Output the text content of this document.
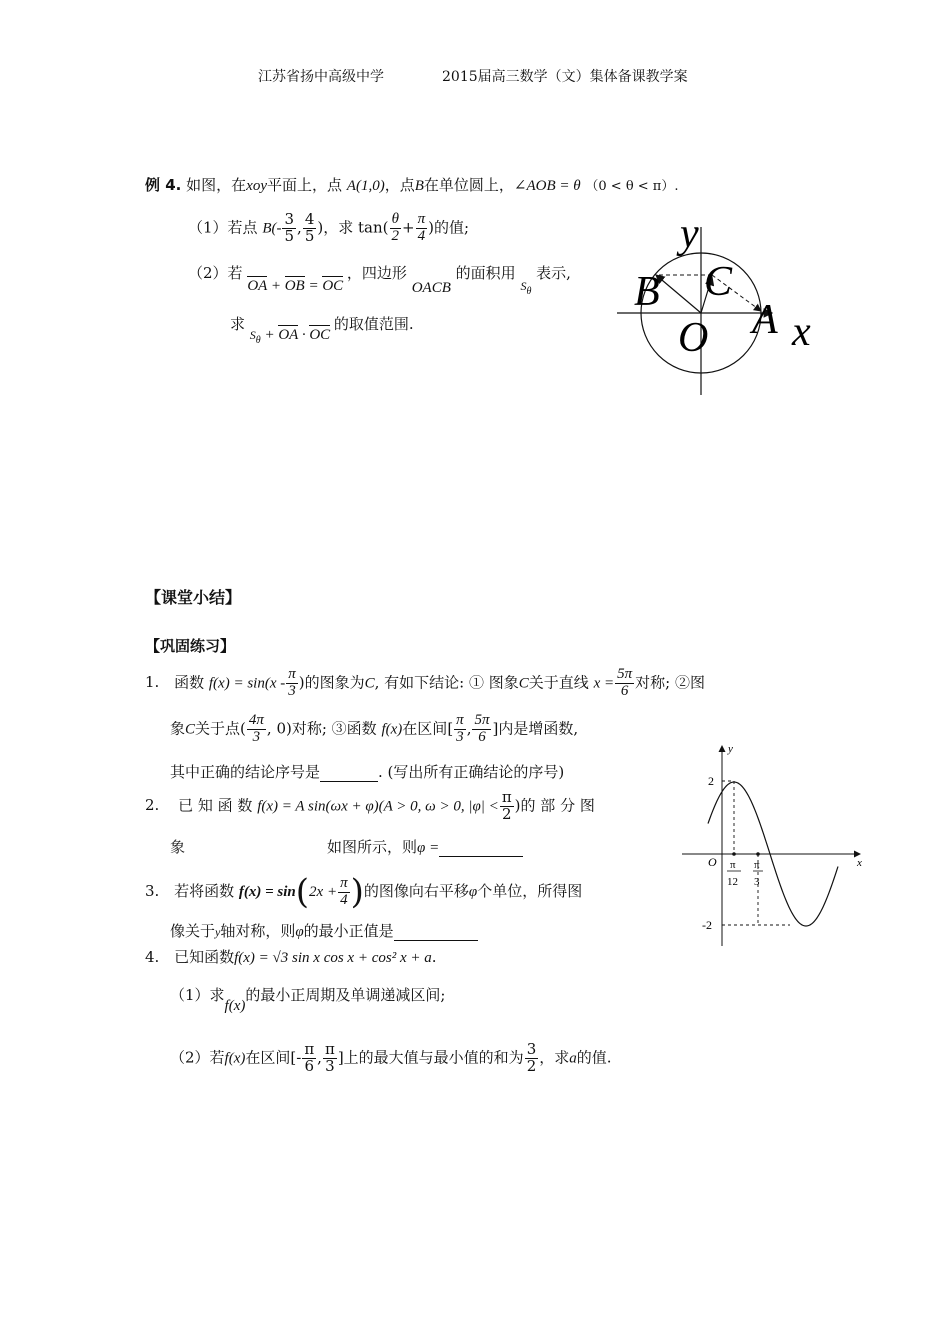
江苏省扬中高级中学	2015届高三数学（文）集体备课教学案
例 4. 如图，在xoy平面上，点 A(1,0)，点B在单位圆上，∠AOB = θ （0 < θ < π）.
（1）若点 $B(- \frac{3}{5}$ , $\frac{4}{5}$ )，求 $\tan( \frac{\theta}{2} + \frac{\pi}{4}$ )的值;
（2）若 OA + OB = OC ，四边形 OACB 的面积用 $_{S_\theta}$ 表示,
求 $S_\theta$ + OA · OC 的取值范围.
y
B C
A x
O
【课堂小结】
【巩固练习】
1. 函数 $f(x) = \sin(x - \frac{\pi}{3}$ )的图象为C, 有如下结论: ① 图象C关于直线 $x = \frac{5\pi}{6}$ 对称; ②图
象C关于点( $\frac{4\pi}{3}$ , 0)对称; ③函数 f(x)在区间[ $\frac{\pi}{3}$ , $\frac{5\pi}{6}$ ]内是增函数,
其中正确的结论序号是	. (写出所有正确结论的序号)
2. 已 知 函 数 f(x) = A sin(ωx + φ)(A > 0, ω > 0, $|\varphi| < \frac{\pi}{2}$ )的 部 分 图
象	如图所示，则φ =
3. 若将函数 $f(x) = \sin(2x + \frac{\pi}{4}$ )的图像向右平移φ个单位，所得图
像关于y轴对称，则φ的最小正值是
4. 已知函数f(x) = √3 sin x cos x + cos² x + a.
（1）求f(x)的最小正周期及单调递减区间;
（2）若f(x)在区间[- $\frac{\pi}{6}$ , $\frac{\pi}{3}$ ]上的最大值与最小值的和为 $\frac{3}{2}$ ，求a的值.
y
x
O
2
-2
π
12
π
3
